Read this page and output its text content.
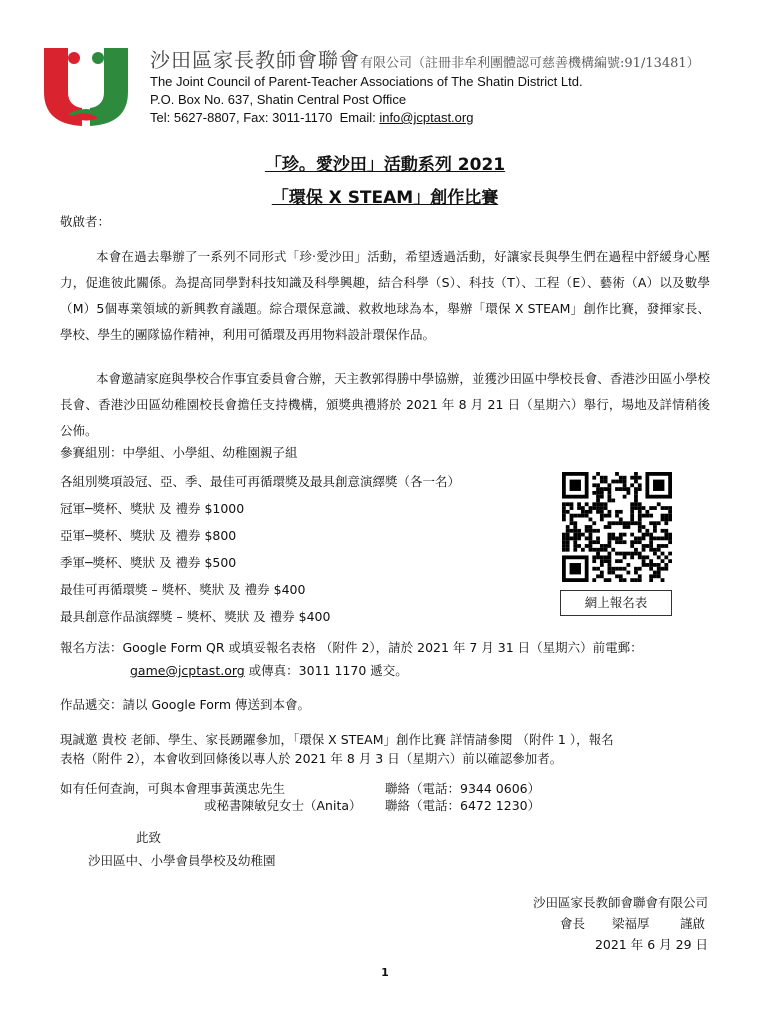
沙田區家長教師會聯會有限公司（註冊非牟利團體認可慈善機構編號:91/13481）
The Joint Council of Parent-Teacher Associations of The Shatin District Ltd.
P.O. Box No. 637, Shatin Central Post Office
Tel: 5627-8807, Fax: 3011-1170  Email: info@jcptast.org
「珍。愛沙田」活動系列 2021
「環保 X STEAM」創作比賽
敬啟者：
本會在過去舉辦了一系列不同形式「珍‧愛沙田」活動，希望透過活動，好讓家長與學生們在過程中舒緩身心壓力，促進彼此關係。為提高同學對科技知識及科學興趣，結合科學（S）、科技（T）、工程（E）、藝術（A）以及數學（M）5個專業領域的新興教育議題。綜合環保意識、救救地球為本，舉辦「環保 X STEAM」創作比賽，發揮家長、學校、學生的團隊協作精神，利用可循環及再用物料設計環保作品。
本會邀請家庭與學校合作事宜委員會合辦，天主教郭得勝中學協辦，並獲沙田區中學校長會、香港沙田區小學校長會、香港沙田區幼稚園校長會擔任支持機構，頒獎典禮將於 2021 年 8 月 21 日（星期六）舉行，場地及詳情稍後公佈。
參賽組別：中學組、小學組、幼稚園親子組
各組別獎項設冠、亞、季、最佳可再循環獎及最具創意演繹獎（各一名）
冠軍─獎杯、獎狀 及 禮券 $1000
亞軍─獎杯、獎狀 及 禮券 $800
季軍─獎杯、獎狀 及 禮券 $500
最佳可再循環獎 – 獎杯、獎狀 及 禮券 $400
最具創意作品演繹獎 – 獎杯、獎狀 及 禮券 $400
網上報名表
報名方法：Google Form QR 或填妥報名表格 （附件 2），請於 2021 年 7 月 31 日（星期六）前電郵：
game@jcptast.org 或傳真：3011 1170 遞交。
作品遞交：請以 Google Form 傳送到本會。
現誠邀 貴校 老師、學生、家長踴躍參加，「環保 X STEAM」創作比賽 詳情請參閱 （附件 1 ），報名
表格（附件 2），本會收到回條後以專人於 2021 年 8 月 3 日（星期六）前以確認參加者。
如有任何查詢，可與本會理事黃漢忠先生	聯絡（電話：9344 0606）
或秘書陳敏兒女士（Anita） 聯絡（電話：6472 1230）
此致
沙田區中、小學會員學校及幼稚園
沙田區家長教師會聯會有限公司
會長 梁福厚 謹啟
2021 年 6 月 29 日
1
